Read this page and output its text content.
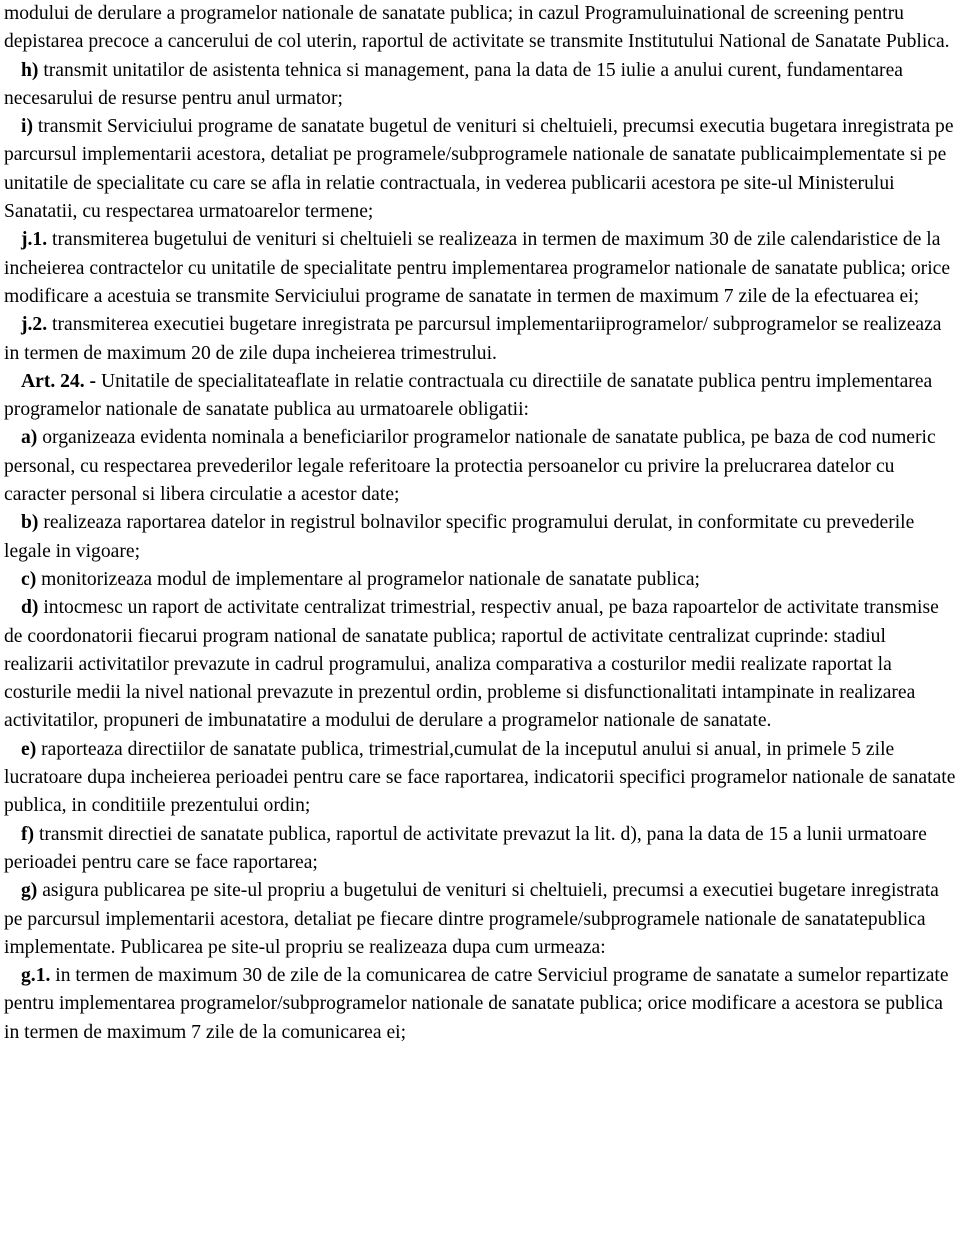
modului de derulare a programelor nationale de sanatate publica; in cazul Programuluinational de screening pentru depistarea precoce a cancerului de col uterin, raportul de activitate se transmite Institutului National de Sanatate Publica.

h) transmit unitatilor de asistenta tehnica si management, pana la data de 15 iulie a anului curent, fundamentarea necesarului de resurse pentru anul urmator;

i) transmit Serviciului programe de sanatate bugetul de venituri si cheltuieli, precumsi executia bugetara inregistrata pe parcursul implementarii acestora, detaliat pe programele/subprogramele nationale de sanatate publicaimplementate si pe unitatile de specialitate cu care se afla in relatie contractuala, in vederea publicarii acestora pe site-ul Ministerului Sanatatii, cu respectarea urmatoarelor termene;

j.1. transmiterea bugetului de venituri si cheltuieli se realizeaza in termen de maximum 30 de zile calendaristice de la incheierea contractelor cu unitatile de specialitate pentru implementarea programelor nationale de sanatate publica; orice modificare a acestuia se transmite Serviciului programe de sanatate in termen de maximum 7 zile de la efectuarea ei;

j.2. transmiterea executiei bugetare inregistrata pe parcursul implementariiprogramelor/ subprogramelor se realizeaza in termen de maximum 20 de zile dupa incheierea trimestrului.

Art. 24. - Unitatile de specialitateaflate in relatie contractuala cu directiile de sanatate publica pentru implementarea programelor nationale de sanatate publica au urmatoarele obligatii:

a) organizeaza evidenta nominala a beneficiarilor programelor nationale de sanatate publica, pe baza de cod numeric personal, cu respectarea prevederilor legale referitoare la protectia persoanelor cu privire la prelucrarea datelor cu caracter personal si libera circulatie a acestor date;

b) realizeaza raportarea datelor in registrul bolnavilor specific programului derulat, in conformitate cu prevederile legale in vigoare;

c) monitorizeaza modul de implementare al programelor nationale de sanatate publica;

d) intocmesc un raport de activitate centralizat trimestrial, respectiv anual, pe baza rapoartelor de activitate transmise de coordonatorii fiecarui program national de sanatate publica; raportul de activitate centralizat cuprinde: stadiul realizarii activitatilor prevazute in cadrul programului, analiza comparativa a costurilor medii realizate raportat la costurile medii la nivel national prevazute in prezentul ordin, probleme si disfunctionalitati intampinate in realizarea activitatilor, propuneri de imbunatatire a modului de derulare a programelor nationale de sanatate.

e) raporteaza directiilor de sanatate publica, trimestrial,cumulat de la inceputul anului si anual, in primele 5 zile lucratoare dupa incheierea perioadei pentru care se face raportarea, indicatorii specifici programelor nationale de sanatate publica, in conditiile prezentului ordin;

f) transmit directiei de sanatate publica, raportul de activitate prevazut la lit. d), pana la data de 15 a lunii urmatoare perioadei pentru care se face raportarea;

g) asigura publicarea pe site-ul propriu a bugetului de venituri si cheltuieli, precumsi a executiei bugetare inregistrata pe parcursul implementarii acestora, detaliat pe fiecare dintre programele/subprogramele nationale de sanatatepublica implementate. Publicarea pe site-ul propriu se realizeaza dupa cum urmeaza:

g.1. in termen de maximum 30 de zile de la comunicarea de catre Serviciul programe de sanatate a sumelor repartizate pentru implementarea programelor/subprogramelor nationale de sanatate publica; orice modificare a acestora se publica in termen de maximum 7 zile de la comunicarea ei;
